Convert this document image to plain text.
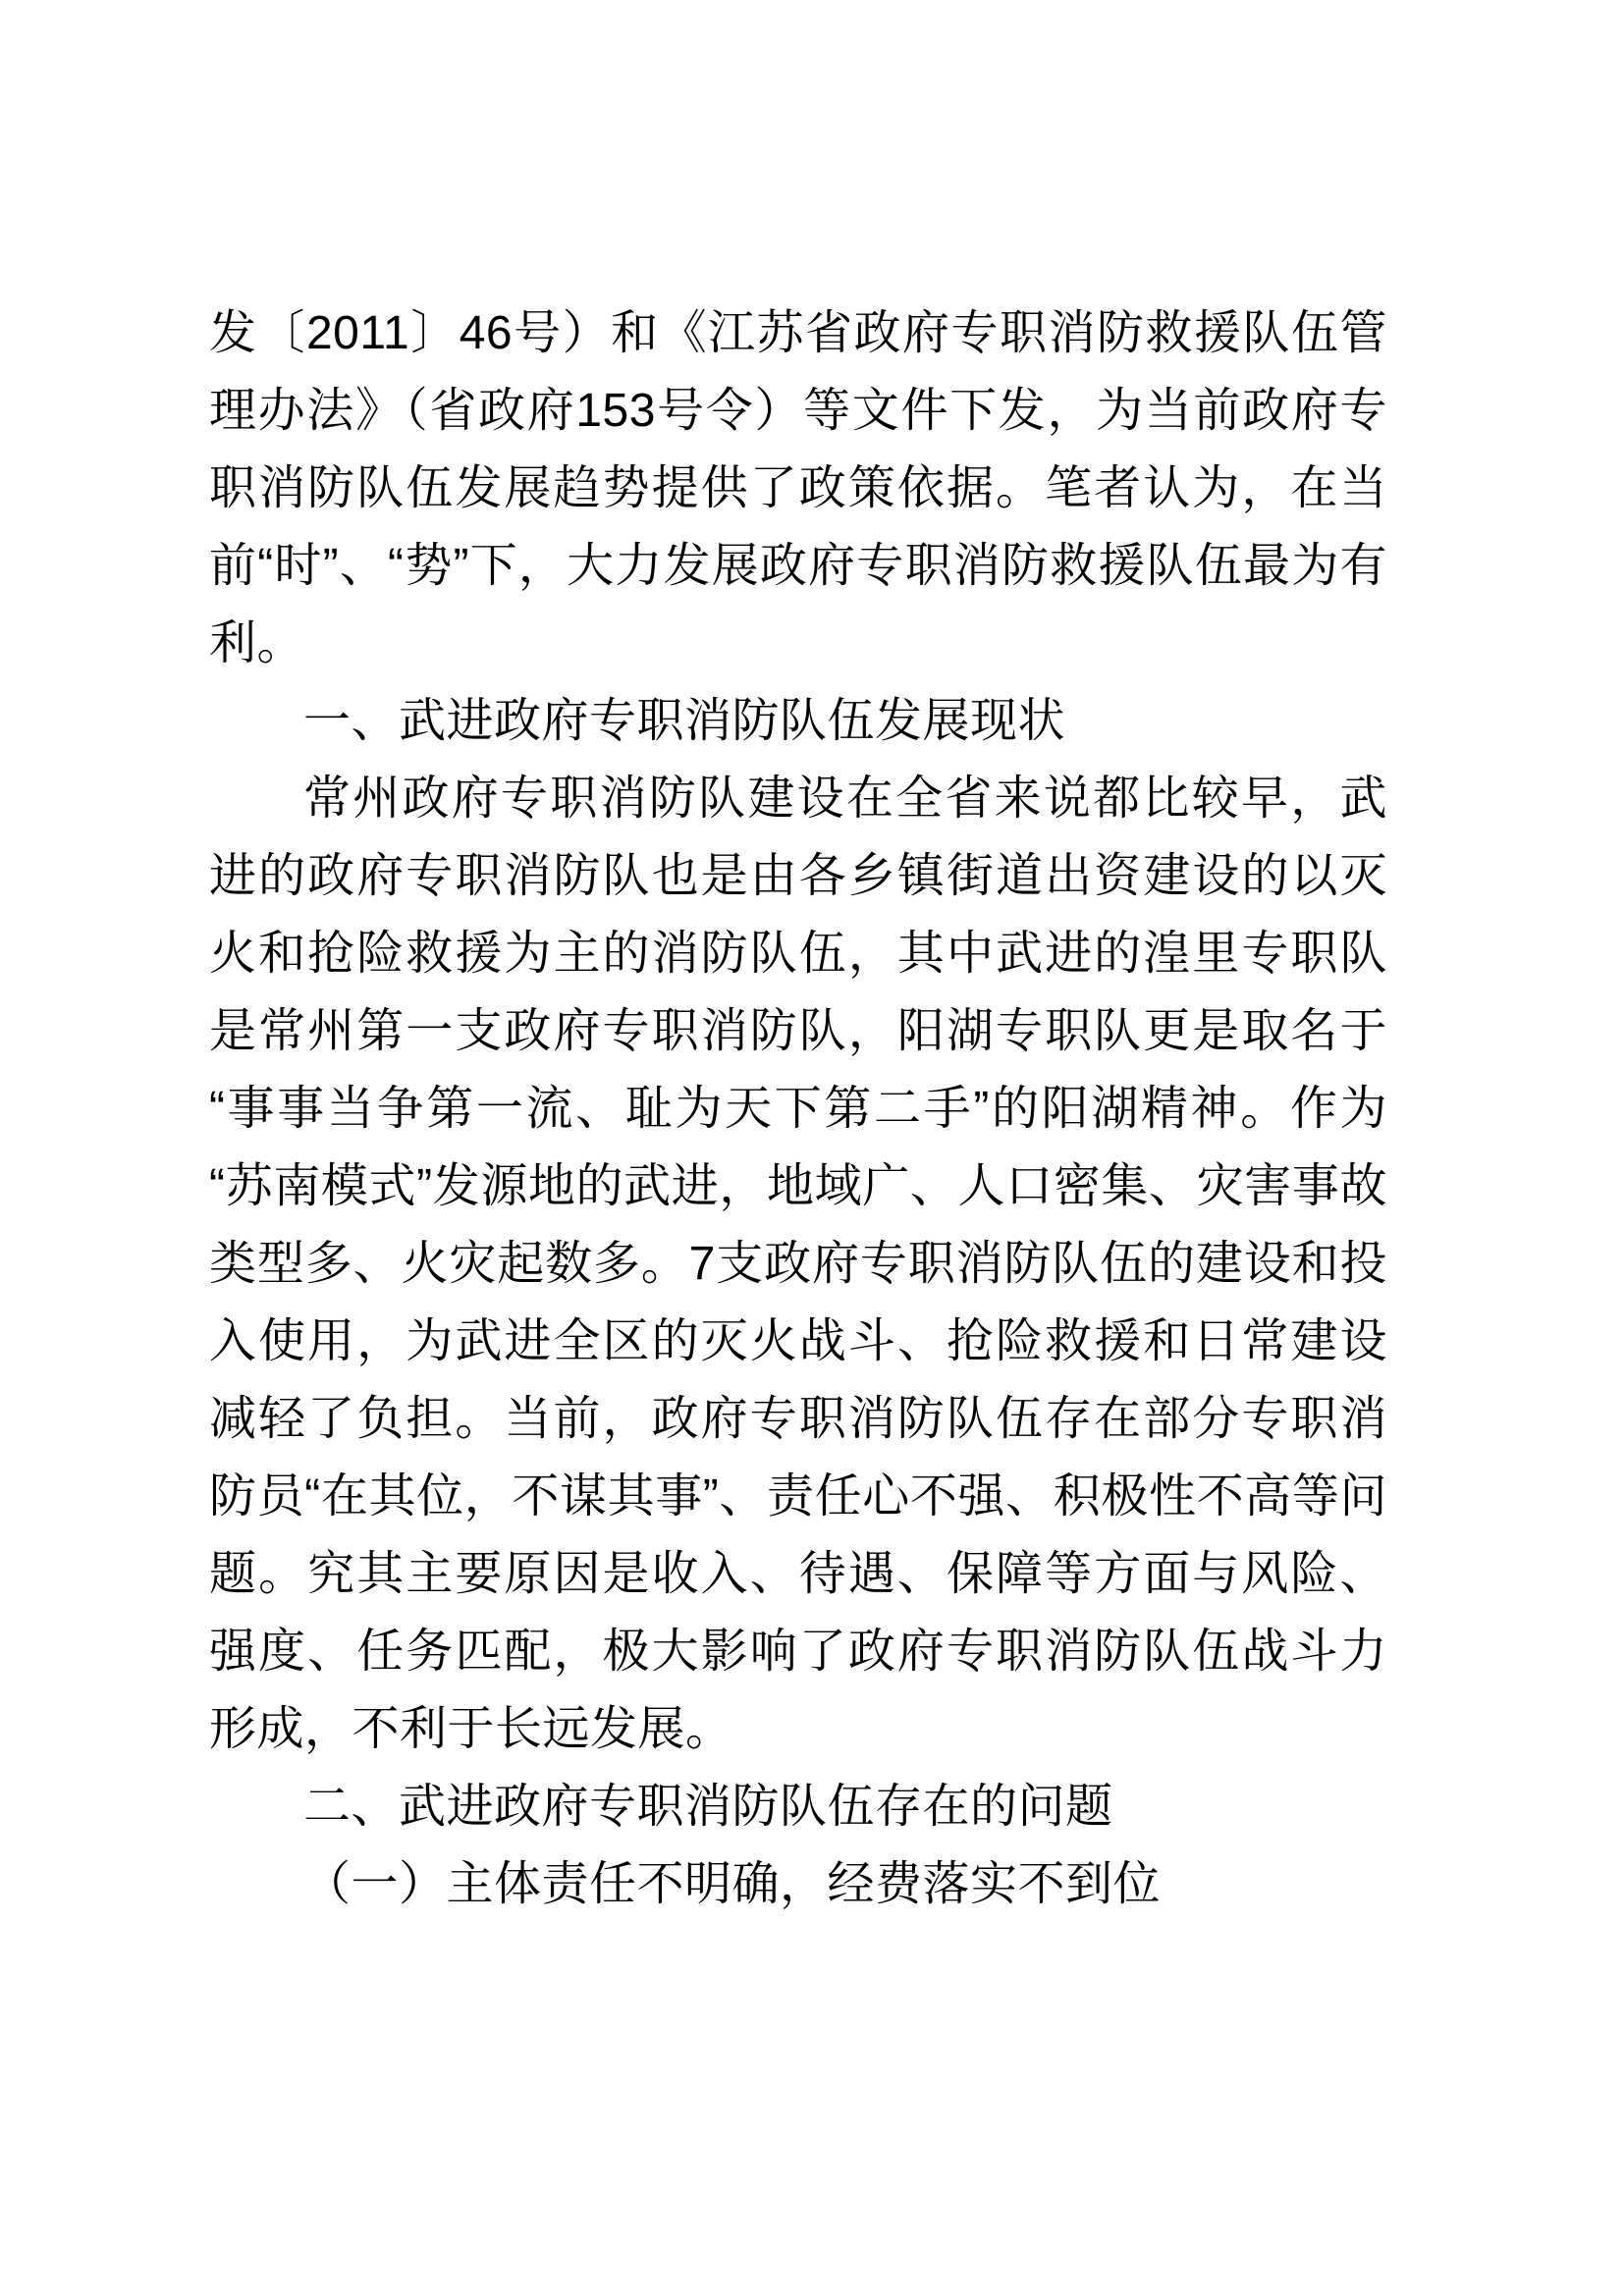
发〔2011〕46号）和《江苏省政府专职消防救援队伍管理办法》（省政府153号令）等文件下发，为当前政府专职消防队伍发展趋势提供了政策依据。笔者认为，在当前“时”、“势”下，大力发展政府专职消防救援队伍最为有利。

一、武进政府专职消防队伍发展现状

常州政府专职消防队建设在全省来说都比较早，武进的政府专职消防队也是由各乡镇街道出资建设的以灭火和抢险救援为主的消防队伍，其中武进的湟里专职队是常州第一支政府专职消防队，阳湖专职队更是取名于“事事当争第一流、耻为天下第二手”的阳湖精神。作为“苏南模式”发源地的武进，地域广、人口密集、灾害事故类型多、火灾起数多。7支政府专职消防队伍的建设和投入使用，为武进全区的灭火战斗、抢险救援和日常建设减轻了负担。当前，政府专职消防队伍存在部分专职消防员“在其位，不谋其事”、责任心不强、积极性不高等问题。究其主要原因是收入、待遇、保障等方面与风险、强度、任务匹配，极大影响了政府专职消防队伍战斗力形成，不利于长远发展。

二、武进政府专职消防队伍存在的问题

（一）主体责任不明确，经费落实不到位
